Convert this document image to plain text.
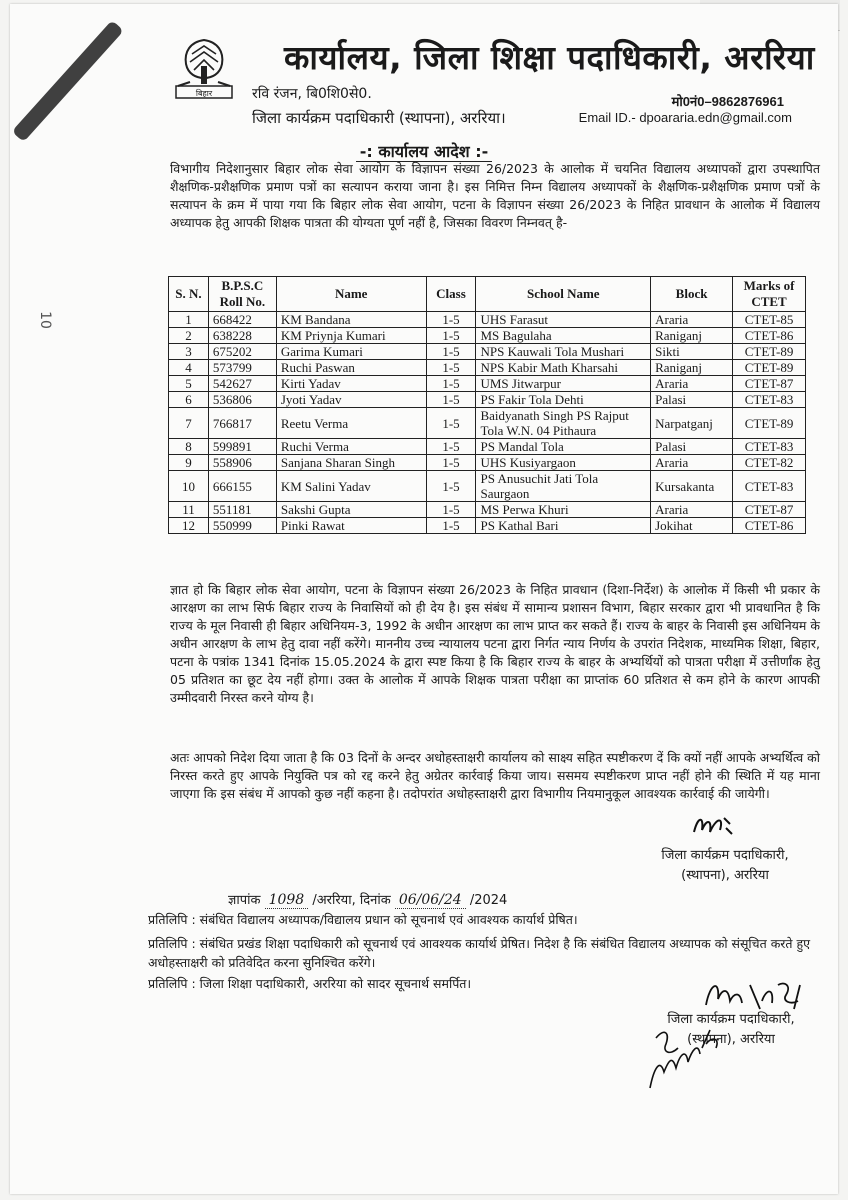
बिहार
कार्यालय, जिला शिक्षा पदाधिकारी, अररिया
रवि रंजन, बि0शि0से0.
जिला कार्यक्रम पदाधिकारी (स्थापना), अररिया।
मो0नं0–9862876961
Email ID.- dpoararia.edn@gmail.com
10
-: कार्यालय आदेश :-
विभागीय निदेशानुसार बिहार लोक सेवा आयोग के विज्ञापन संख्या 26/2023 के आलोक में चयनित विद्यालय अध्यापकों द्वारा उपस्थापित शैक्षणिक-प्रशैक्षणिक प्रमाण पत्रों का सत्यापन कराया जाना है। इस निमित्त निम्न विद्यालय अध्यापकों के शैक्षणिक-प्रशैक्षणिक प्रमाण पत्रों के सत्यापन के क्रम में पाया गया कि बिहार लोक सेवा आयोग, पटना के विज्ञापन संख्या 26/2023 के निहित प्रावधान के आलोक में विद्यालय अध्यापक हेतु आपकी शिक्षक पात्रता की योग्यता पूर्ण नहीं है, जिसका विवरण निम्नवत् है-
S. N.	B.P.S.C Roll No.	Name	Class	School Name	Block	Marks of CTET
1	668422	KM Bandana	1-5	UHS Farasut	Araria	CTET-85
2	638228	KM Priynja Kumari	1-5	MS Bagulaha	Raniganj	CTET-86
3	675202	Garima Kumari	1-5	NPS Kauwali Tola Mushari	Sikti	CTET-89
4	573799	Ruchi Paswan	1-5	NPS Kabir Math Kharsahi	Raniganj	CTET-89
5	542627	Kirti Yadav	1-5	UMS Jitwarpur	Araria	CTET-87
6	536806	Jyoti Yadav	1-5	PS Fakir Tola Dehti	Palasi	CTET-83
7	766817	Reetu Verma	1-5	Baidyanath Singh PS Rajput Tola W.N. 04 Pithaura	Narpatganj	CTET-89
8	599891	Ruchi Verma	1-5	PS Mandal Tola	Palasi	CTET-83
9	558906	Sanjana Sharan Singh	1-5	UHS Kusiyargaon	Araria	CTET-82
10	666155	KM Salini Yadav	1-5	PS Anusuchit Jati Tola Saurgaon	Kursakanta	CTET-83
11	551181	Sakshi Gupta	1-5	MS Perwa Khuri	Araria	CTET-87
12	550999	Pinki Rawat	1-5	PS Kathal Bari	Jokihat	CTET-86
ज्ञात हो कि बिहार लोक सेवा आयोग, पटना के विज्ञापन संख्या 26/2023 के निहित प्रावधान (दिशा-निर्देश) के आलोक में किसी भी प्रकार के आरक्षण का लाभ सिर्फ बिहार राज्य के निवासियों को ही देय है। इस संबंध में सामान्य प्रशासन विभाग, बिहार सरकार द्वारा भी प्रावधानित है कि राज्य के मूल निवासी ही बिहार अधिनियम-3, 1992 के अधीन आरक्षण का लाभ प्राप्त कर सकते हैं। राज्य के बाहर के निवासी इस अधिनियम के अधीन आरक्षण के लाभ हेतु दावा नहीं करेंगे। माननीय उच्च न्यायालय पटना द्वारा निर्गत न्याय निर्णय के उपरांत निदेशक, माध्यमिक शिक्षा, बिहार, पटना के पत्रांक 1341 दिनांक 15.05.2024 के द्वारा स्पष्ट किया है कि बिहार राज्य के बाहर के अभ्यर्थियों को पात्रता परीक्षा में उत्तीर्णांक हेतु 05 प्रतिशत का छूट देय नहीं होगा। उक्त के आलोक में आपके शिक्षक पात्रता परीक्षा का प्राप्तांक 60 प्रतिशत से कम होने के कारण आपकी उम्मीदवारी निरस्त करने योग्य है।
अतः आपको निदेश दिया जाता है कि 03 दिनों के अन्दर अधोहस्ताक्षरी कार्यालय को साक्ष्य सहित स्पष्टीकरण दें कि क्यों नहीं आपके अभ्यर्थित्व को निरस्त करते हुए आपके नियुक्ति पत्र को रद्द करने हेतु अग्रेतर कार्रवाई किया जाय। ससमय स्पष्टीकरण प्राप्त नहीं होने की स्थिति में यह माना जाएगा कि इस संबंध में आपको कुछ नहीं कहना है। तदोपरांत अधोहस्ताक्षरी द्वारा विभागीय नियमानुकूल आवश्यक कार्रवाई की जायेगी।
जिला कार्यक्रम पदाधिकारी,
(स्थापना), अररिया
ज्ञापांक 1098 /अररिया, दिनांक 06/06/24 /2024
प्रतिलिपि : संबंधित विद्यालय अध्यापक/विद्यालय प्रधान को सूचनार्थ एवं आवश्यक कार्यार्थ प्रेषित।
प्रतिलिपि : संबंधित प्रखंड शिक्षा पदाधिकारी को सूचनार्थ एवं आवश्यक कार्यार्थ प्रेषित। निदेश है कि संबंधित विद्यालय अध्यापक को संसूचित करते हुए अधोहस्ताक्षरी को प्रतिवेदित करना सुनिश्चित करेंगे।
प्रतिलिपि : जिला शिक्षा पदाधिकारी, अररिया को सादर सूचनार्थ समर्पित।
जिला कार्यक्रम पदाधिकारी,
(स्थापना), अररिया
